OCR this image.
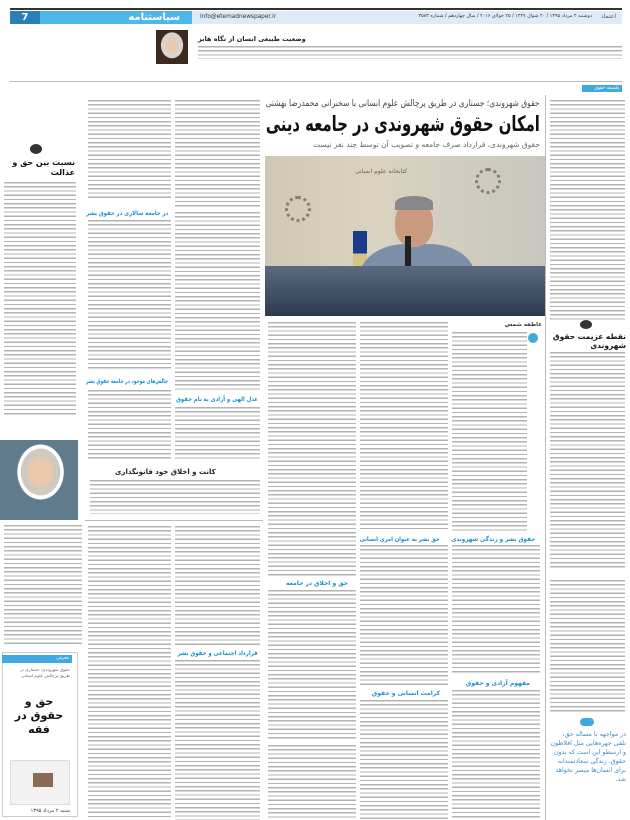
اعتماد
دوشنبه ۴ مرداد ۱۳۹۵ / ۲۰ شوال ۱۴۳۷ / ۲۵ جولای ۲۰۱۶ / سال چهاردهم / شماره ۳۵۸۳
info@etemadnewspaper.ir
سیاستنامه
7
وضعیت طبیعی انسان از نگاه هابز
فلسفه حقوق
حقوق شهروندی؛ جستاری در طریق پرچالش علوم انسانی با سخنرانی محمدرضا بهشتی
امکان حقوق شهروندی در جامعه دینی
حقوق شهروندی، قرارداد صرف جامعه و تصویب آن توسط چند نفر نیست
کتابخانه علوم انسانی
در جامعه سالاری در حقوق بشر
چالش‌های موجود در جامعه حقوق بشر
عدل الهی و آزادی به نام حقوق
کانت و اخلاق خود قانونگذاری
قرارداد اجتماعی و حقوق بشر
نسبت بین حق و عدالت
معرفی
حقوق شهروندی؛ جستاری در طریق پرچالش علوم انسانی
حق و حقوق در فقه
شنبه ۲ مرداد ۱۳۹۵
عاطفه شمس
حقوق بشر و زندگی شهروندی
حق بشر به عنوان امری انسانی
حق و اخلاق در جامعه
مفهوم آزادی و حقوق
کرامت انسانی و حقوق
نقطه عزیمت حقوق شهروندی
در مواجهه با مساله حق، تلقی جهره‌هایی مثل افلاطون و ارسطو این است که بدون حقوق، زندگی سعادتمندانه برای انسان‌ها میسر نخواهد شد.
